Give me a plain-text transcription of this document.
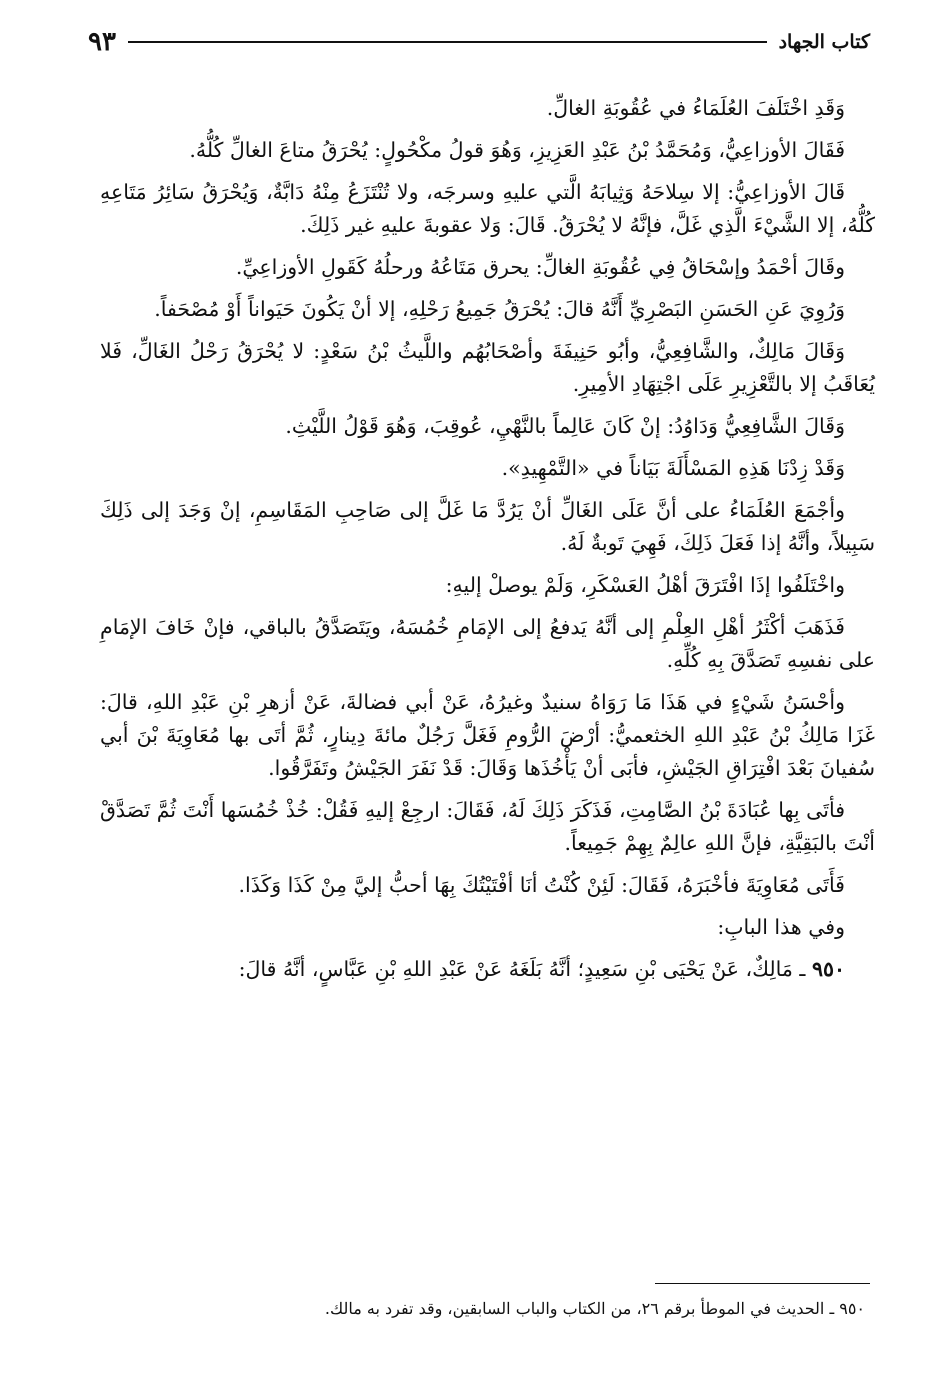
كتاب الجهاد
٩٣

وَقَدِ اخْتَلَفَ العُلَمَاءُ في عُقُوبَةِ الغالِّ.

فَقَالَ الأوزاعِيُّ، وَمُحَمَّدُ بْنُ عَبْدِ العَزِيزِ، وَهُوَ قولُ مكْحُولٍ: يُحْرَقُ متاعَ الغالِّ كُلُّهُ.

قَالَ الأوزاعِيُّ: إلا سِلاحَهُ وَثِيابَهُ الَّتي عليهِ وسرجَه، ولا تُنْتَزَعُ مِنْهُ دَابَّةٌ، وَيُحْرَقُ سَائِرُ مَتَاعِهِ كُلُّهُ، إلا الشَّيْءَ الَّذِي غَلَّ، فإنَّهُ لا يُحْرَقُ. قَالَ: وَلا عقوبةَ عليهِ غير ذَلِكَ.

وقَالَ أحْمَدُ وإسْحَاقُ فِي عُقُوبَةِ الغالِّ: يحرق مَتَاعُهُ ورحلُهُ كَقَولِ الأوزاعِيِّ.

وَرُوِيَ عَنِ الحَسَنِ البَصْرِيِّ أَنَّهُ قالَ: يُحْرَقُ جَمِيعُ رَحْلِهِ، إلا أنْ يَكُونَ حَيَواناً أَوْ مُصْحَفاً.

وَقَالَ مَالِكٌ، والشَّافِعِيُّ، وأبُو حَنِيفَةَ وأصْحَابُهُم واللَّيثُ بْنُ سَعْدٍ: لا يُحْرَقُ رَحْلُ الغَالِّ، فَلا يُعَاقَبُ إلا بالتَّعْزِيرِ عَلَى اجْتِهَادِ الأمِيرِ.

وَقَالَ الشَّافِعِيُّ وَدَاوُدُ: إنْ كَانَ عَالِماً بالنَّهْيِ، عُوقِبَ، وَهُوَ قَوْلُ اللَّيْثِ.

وَقَدْ زِدْنَا هَذِهِ المَسْأَلَةَ بَيَاناً في «التَّمْهِيدِ».

وأجْمَعَ العُلَمَاءُ على أنَّ عَلَى الغَالِّ أنْ يَرُدَّ مَا غَلَّ إلى صَاحِبِ المَقَاسِمِ، إنْ وَجَدَ إلى ذَلِكَ سَبِيلاً، وأنَّهُ إذا فَعَلَ ذَلِكَ، فَهِيَ تَوبةٌ لَهُ.

واخْتَلَفُوا إذَا افْتَرَقَ أهْلُ العَسْكَرِ، وَلَمْ يوصلْ إليهِ:

فَذَهَبَ أكْثَرُ أهْلِ العِلْمِ إلى أنَّهُ يَدفعُ إلى الإمَامِ خُمُسَهُ، ويَتَصَدَّقُ بالباقي، فإنْ خَافَ الإمَامِ على نفسِهِ تَصَدَّقَ بِهِ كُلِّهِ.

وأحْسَنُ شَيْءٍ في هَذَا مَا رَوَاهُ سنيدٌ وغيرُهُ، عَنْ أبي فضالةَ، عَنْ أزهرِ بْنِ عَبْدِ اللهِ، قالَ: غَزَا مَالِكُ بْنُ عَبْدِ اللهِ الخثعميُّ: أرْضَ الرُّومِ فَغَلَّ رَجُلٌ مائةَ دِينارٍ، ثُمَّ أتَى بها مُعَاوِيَةَ بْنَ أبي سُفيانَ بَعْدَ افْتِرَاقِ الجَيْشِ، فأبَى أنْ يَأْخُذَها وَقَالَ: قَدْ نَفَرَ الجَيْشُ وتَفَرَّقُوا.

فأتَى بِها عُبَادَةَ بْنُ الصَّامِتِ، فَذَكَرَ ذَلِكَ لَهُ، فَقَالَ: ارجِعْ إليهِ فَقُلْ: خُذْ خُمُسَها أَنْتَ ثُمَّ تَصَدَّقْ أنْتَ بالبَقِيَّةِ، فإنَّ اللهِ عالِمٌ بِهِمْ جَمِيعاً.

فَأَتَى مُعَاوِيَةَ فأخْبَرَهُ، فَقَالَ: لَئِنْ كُنْتُ أنَا أفْتَيْتُكَ بِهَا أحبُّ إليَّ مِنْ كَذَا وَكَذَا.

وفي هذا البابِ:

٩٥٠ ـ مَالِكٌ، عَنْ يَحْيَى بْنِ سَعِيدٍ؛ أنَّهُ بَلَغَهُ عَنْ عَبْدِ اللهِ بْنِ عَبَّاسٍ، أنَّهُ قالَ:

٩٥٠ ـ الحديث في الموطأ برقم ٢٦، من الكتاب والباب السابقين، وقد تفرد به مالك.
